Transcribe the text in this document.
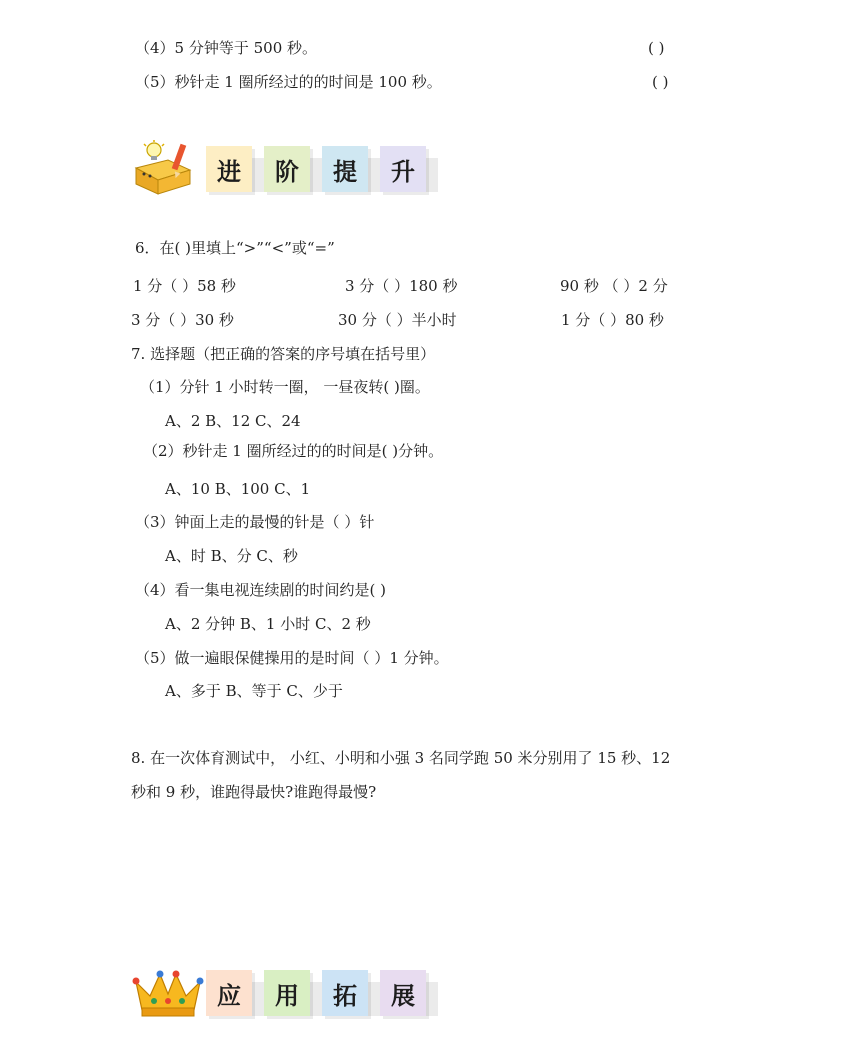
（4）5 分钟等于 500 秒。	( )
（5）秒针走 1 圈所经过的的时间是 100 秒。	( )
进	阶	提	升
6．在( )里填上“>”“<”或“=”
1 分（ ）58 秒	3 分（ ）180 秒	90 秒 （ ）2 分
3 分（ ）30 秒	30 分（ ）半小时	1 分（ ）80 秒
7. 选择题（把正确的答案的序号填在括号里）
（1）分针 1 小时转一圈， 一昼夜转( )圈。
A、2 B、12 C、24
（2）秒针走 1 圈所经过的的时间是( )分钟。
A、10 B、100 C、1
（3）钟面上走的最慢的针是（ ）针
A、时 B、分 C、秒
（4）看一集电视连续剧的时间约是( )
A、2 分钟 B、1 小时 C、2 秒
（5）做一遍眼保健操用的是时间（ ）1 分钟。
A、多于 B、等于 C、少于
8. 在一次体育测试中， 小红、小明和小强 3 名同学跑 50 米分别用了 15 秒、12
秒和 9 秒，谁跑得最快?谁跑得最慢?
应	用	拓	展
